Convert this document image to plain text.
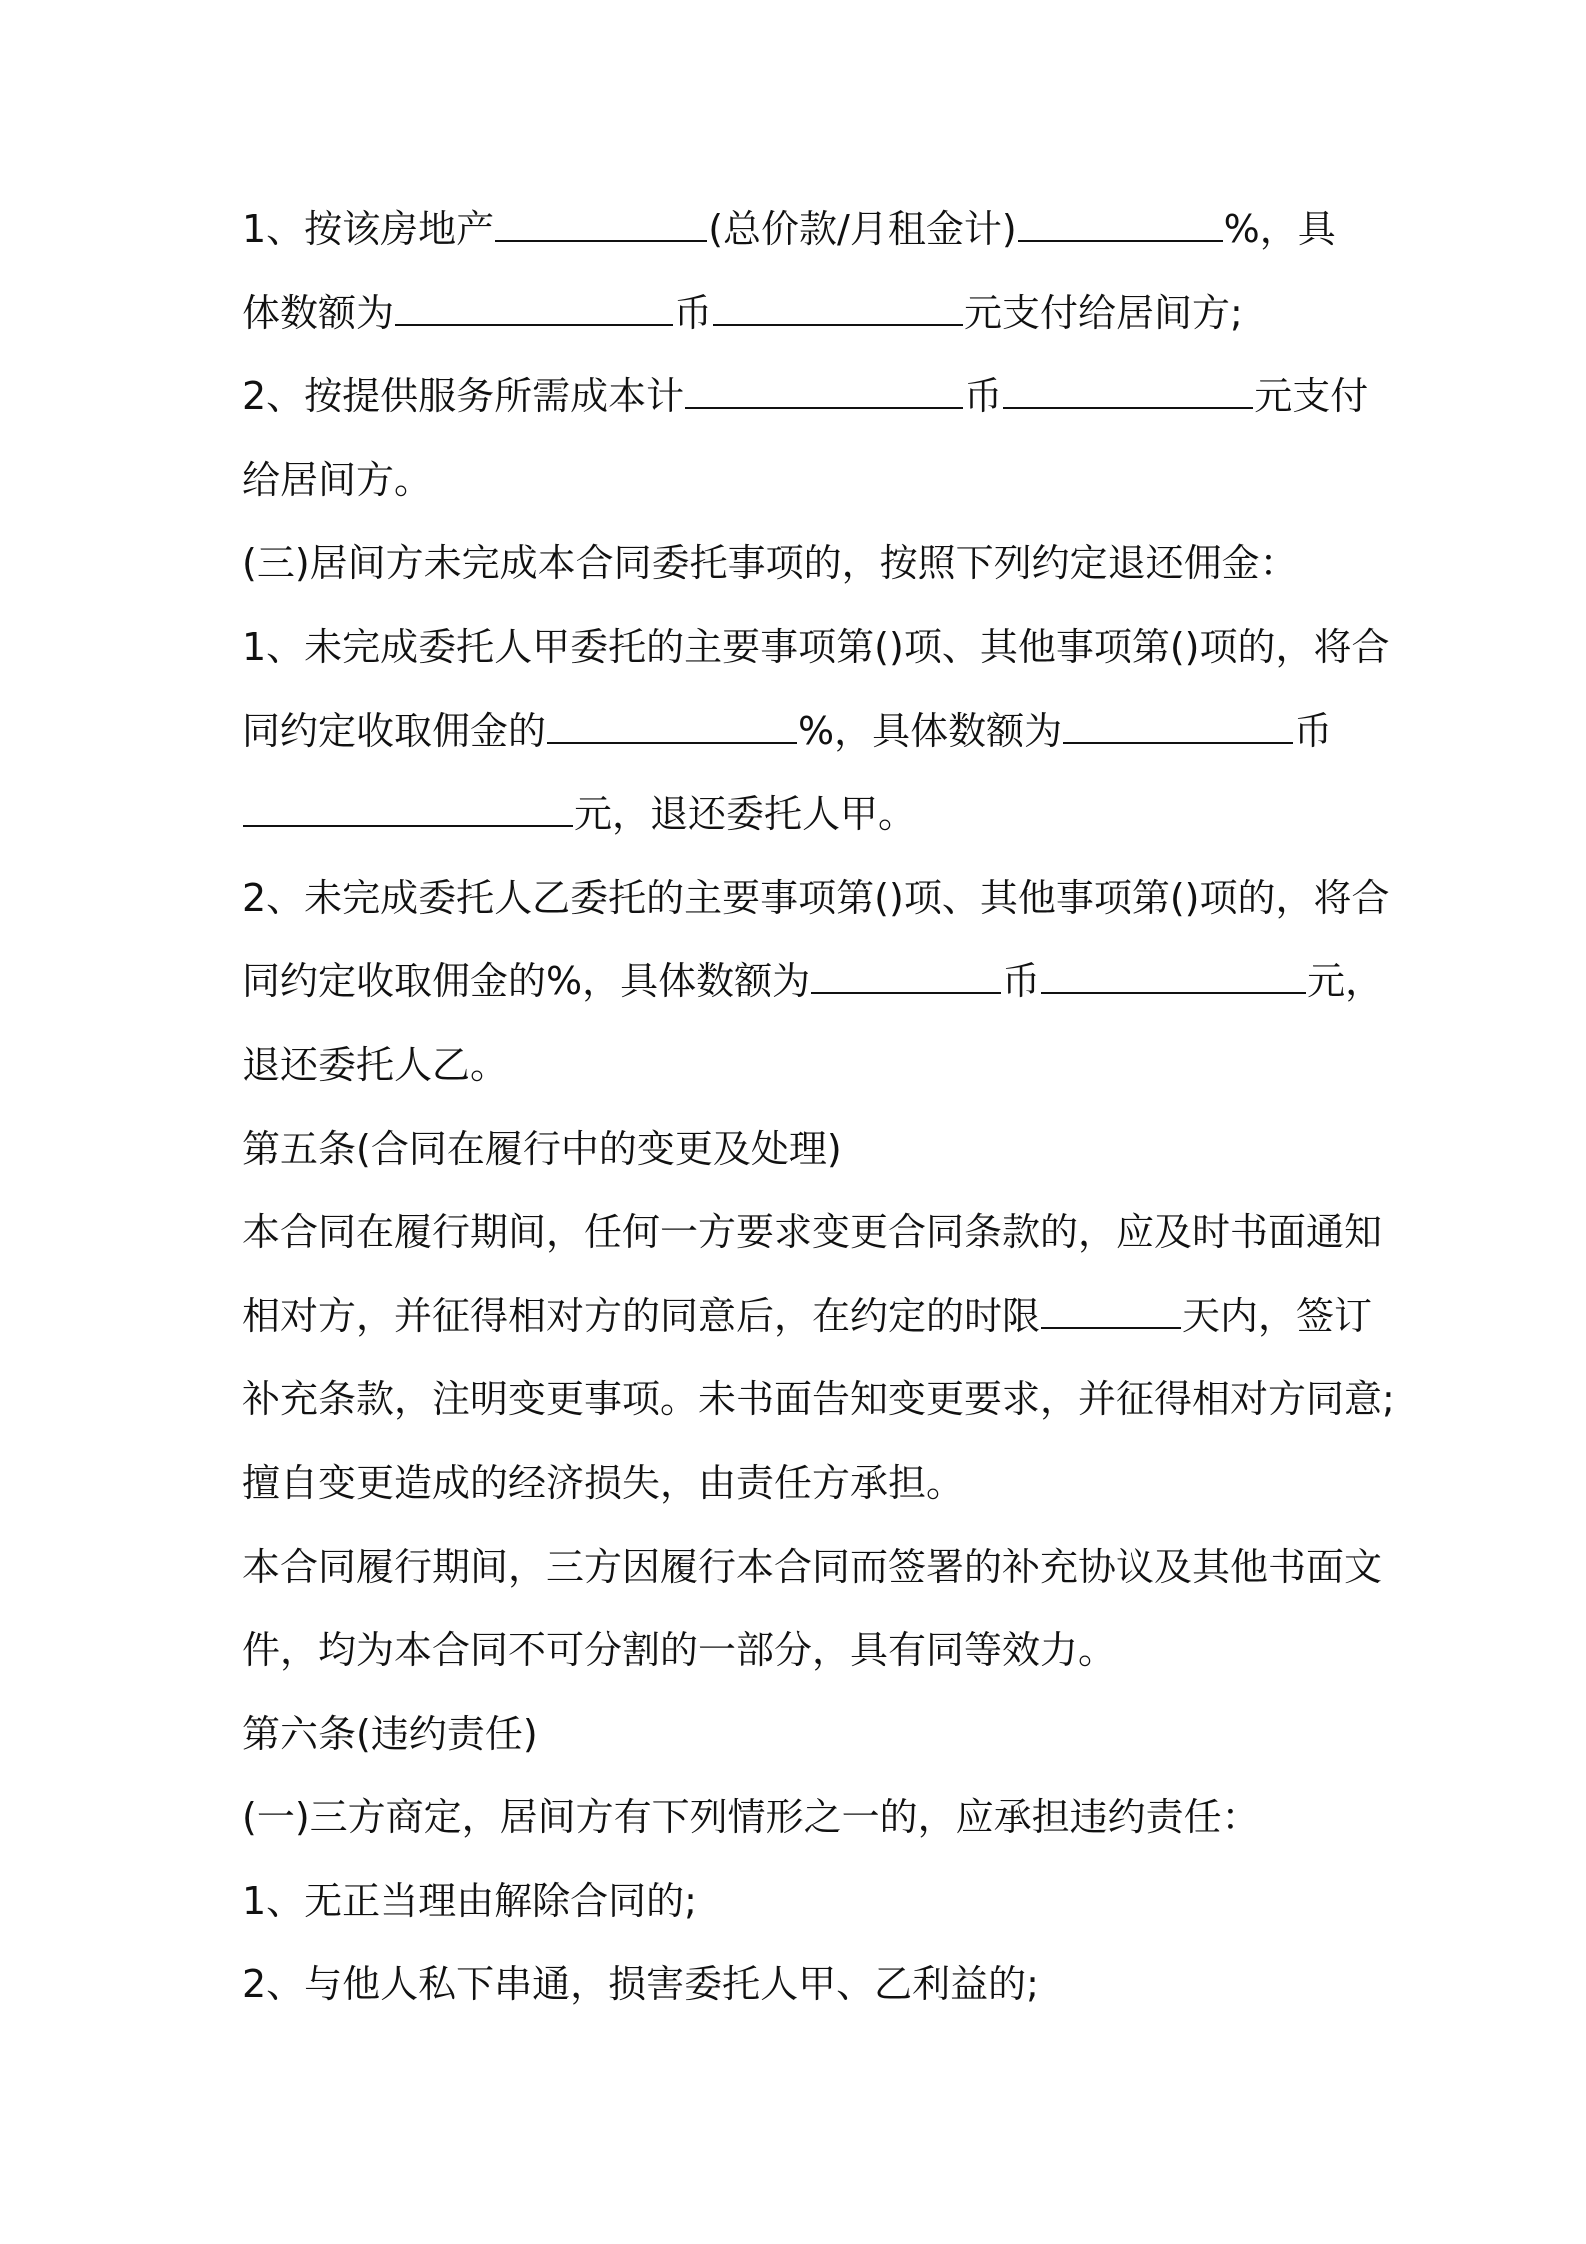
1、按该房地产	(总价款/月租金计)	%，具
体数额为	币	元支付给居间方;
2、按提供服务所需成本计	币	元支付
给居间方。
(三)居间方未完成本合同委托事项的，按照下列约定退还佣金：
1、未完成委托人甲委托的主要事项第()项、其他事项第()项的，将合
同约定收取佣金的	%，具体数额为	币
元，退还委托人甲。
2、未完成委托人乙委托的主要事项第()项、其他事项第()项的，将合
同约定收取佣金的%，具体数额为	币	元，
退还委托人乙。
第五条(合同在履行中的变更及处理)
本合同在履行期间，任何一方要求变更合同条款的，应及时书面通知
相对方，并征得相对方的同意后，在约定的时限	天内，签订
补充条款，注明变更事项。未书面告知变更要求，并征得相对方同意;
擅自变更造成的经济损失，由责任方承担。
本合同履行期间，三方因履行本合同而签署的补充协议及其他书面文
件，均为本合同不可分割的一部分，具有同等效力。
第六条(违约责任)
(一)三方商定，居间方有下列情形之一的，应承担违约责任：
1、无正当理由解除合同的;
2、与他人私下串通，损害委托人甲、乙利益的;
